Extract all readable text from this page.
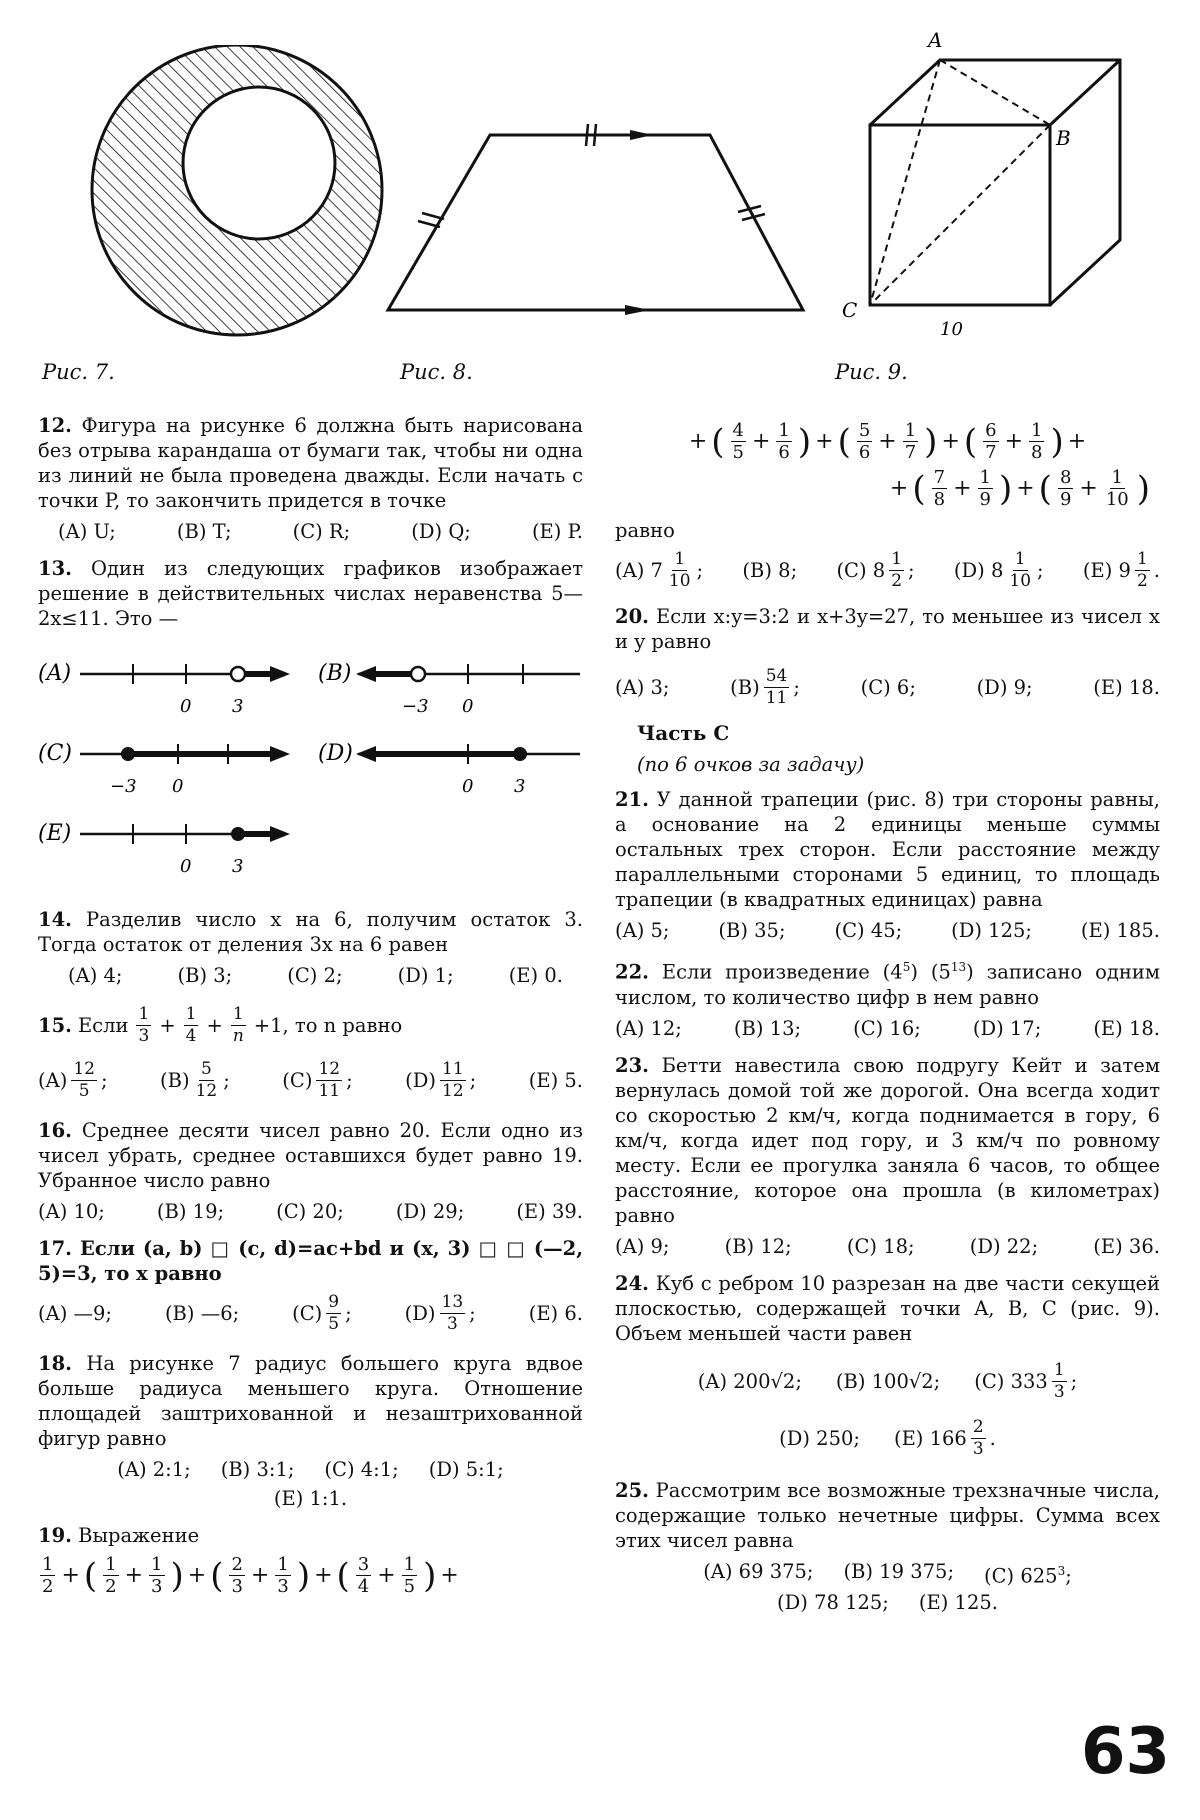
A
B
C
10
Рис. 7.	Рис. 8.	Рис. 9.

12. Фигура на рисунке 6 должна быть нарисована без отрыва карандаша от бумаги так, чтобы ни одна из линий не была проведена дважды. Если начать с точки P, то закончить придется в точке

(A) U;	(B) T;	(C) R;	(D) Q;	(E) P.

13. Один из следующих графиков изображает решение в действительных числах неравенства 5—2x≤11. Это —

(A)
0 3
(B)
−3 0
(C)
−3 0
(D)
0 3
(E)
0 3

14. Разделив число x на 6, получим остаток 3. Тогда остаток от деления 3x на 6 равен

(A) 4;	(B) 3;	(C) 2;	(D) 1;	(E) 0.
15. Если $\frac{1}{3} + \frac{1}{4} + \frac{1}{n} +1$, то n равно
$(A) \frac{12}{5}$ ;	$(B) \frac{5}{12}$ ;	$(C) \frac{12}{11}$ ;	$(D) \frac{11}{12}$ ;	(E) 5.

16. Среднее десяти чисел равно 20. Если одно из чисел убрать, среднее оставшихся будет равно 19. Убранное число равно

(A) 10;	(B) 19;	(C) 20;	(D) 29;	(E) 39.

17. Если (a, b) □ (c, d)=ac+bd и (x, 3) □ □ (—2, 5)=3, то x равно

(A) —9;	(B) —6;	$(C) \frac{9}{5}$ ;	$(D) \frac{13}{3}$ ;	(E) 6.

18. На рисунке 7 радиус большего круга вдвое больше радиуса меньшего круга. Отношение площадей заштрихованной и незаштрихованной фигур равно

(A) 2:1; (B) 3:1; (C) 4:1; (D) 5:1;
(E) 1:1.

19. Выражение

$\frac{1}{2}$ + ( $\frac{1}{2} + \frac{1}{3}$ ) + ( $\frac{2}{3} + \frac{1}{3}$ ) + ( $\frac{3}{4} + \frac{1}{5}$ ) +
+ ( $\frac{4}{5} + \frac{1}{6}$ ) + ( $\frac{5}{6} + \frac{1}{7}$ ) + ( $\frac{6}{7} + \frac{1}{8}$ ) +
+ ( $\frac{7}{8} + \frac{1}{9}$ ) + ( $\frac{8}{9} + \frac{1}{10}$ )

равно

(A) $7 \frac{1}{10}$ ; (B) 8; (C) $8 \frac{1}{2}$ ; (D) $8 \frac{1}{10}$ ; (E) $9 \frac{1}{2}$ .

20. Если x:y=3:2 и x+3y=27, то меньшее из чисел x и y равно

(A) 3;	$(B) \frac{54}{11}$ ;	(C) 6;	(D) 9;	(E) 18.
Часть С
(по 6 очков за задачу)

21. У данной трапеции (рис. 8) три стороны равны, а основание на 2 единицы меньше суммы остальных трех сторон. Если расстояние между параллельными сторонами 5 единиц, то площадь трапеции (в квадратных единицах) равна

(A) 5;	(B) 35;	(C) 45;	(D) 125;	(E) 185.

22. Если произведение $(4^5)$ $(5^{13})$ записано одним числом, то количество цифр в нем равно

(A) 12;	(B) 13;	(C) 16;	(D) 17;	(E) 18.

23. Бетти навестила свою подругу Кейт и затем вернулась домой той же дорогой. Она всегда ходит со скоростью 2 км/ч, когда поднимается в гору, 6 км/ч, когда идет под гору, и 3 км/ч по ровному месту. Если ее прогулка заняла 6 часов, то общее расстояние, которое она прошла (в километрах) равно

(A) 9;	(B) 12;	(C) 18;	(D) 22;	(E) 36.

24. Куб с ребром 10 разрезан на две части секущей плоскостью, содержащей точки A, B, C (рис. 9). Объем меньшей части равен

(A) 200√2; (B) 100√2; (C) $333 \frac{1}{3}$ ;
(D) 250; (E) $166 \frac{2}{3}$ .

25. Рассмотрим все возможные трехзначные числа, содержащие только нечетные цифры. Сумма всех этих чисел равна

(A) 69 375; (B) 19 375; (C) $625^3$;
(D) 78 125; (E) 125.
63
